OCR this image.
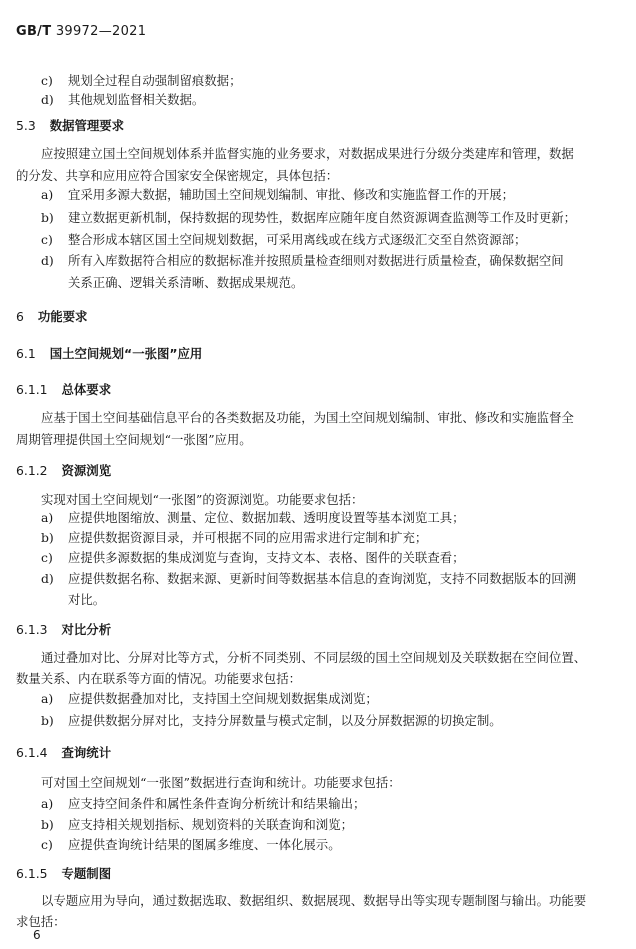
GB/T 39972—2021
c) 规划全过程自动强制留痕数据；
d) 其他规划监督相关数据。
5.3 数据管理要求
应按照建立国土空间规划体系并监督实施的业务要求，对数据成果进行分级分类建库和管理，数据
的分发、共享和应用应符合国家安全保密规定，具体包括：
a) 宜采用多源大数据，辅助国土空间规划编制、审批、修改和实施监督工作的开展；
b) 建立数据更新机制，保持数据的现势性，数据库应随年度自然资源调查监测等工作及时更新；
c) 整合形成本辖区国土空间规划数据，可采用离线或在线方式逐级汇交至自然资源部；
d) 所有入库数据符合相应的数据标准并按照质量检查细则对数据进行质量检查，确保数据空间
关系正确、逻辑关系清晰、数据成果规范。
6 功能要求
6.1 国土空间规划“一张图”应用
6.1.1 总体要求
应基于国土空间基础信息平台的各类数据及功能，为国土空间规划编制、审批、修改和实施监督全
周期管理提供国土空间规划“一张图”应用。
6.1.2 资源浏览
实现对国土空间规划“一张图”的资源浏览。功能要求包括：
a) 应提供地图缩放、测量、定位、数据加载、透明度设置等基本浏览工具；
b) 应提供数据资源目录，并可根据不同的应用需求进行定制和扩充；
c) 应提供多源数据的集成浏览与查询，支持文本、表格、图件的关联查看；
d) 应提供数据名称、数据来源、更新时间等数据基本信息的查询浏览，支持不同数据版本的回溯
对比。
6.1.3 对比分析
通过叠加对比、分屏对比等方式，分析不同类别、不同层级的国土空间规划及关联数据在空间位置、
数量关系、内在联系等方面的情况。功能要求包括：
a) 应提供数据叠加对比，支持国土空间规划数据集成浏览；
b) 应提供数据分屏对比，支持分屏数量与模式定制，以及分屏数据源的切换定制。
6.1.4 查询统计
可对国土空间规划“一张图”数据进行查询和统计。功能要求包括：
a) 应支持空间条件和属性条件查询分析统计和结果输出；
b) 应支持相关规划指标、规划资料的关联查询和浏览；
c) 应提供查询统计结果的图属多维度、一体化展示。
6.1.5 专题制图
以专题应用为导向，通过数据选取、数据组织、数据展现、数据导出等实现专题制图与输出。功能要
求包括：
6
